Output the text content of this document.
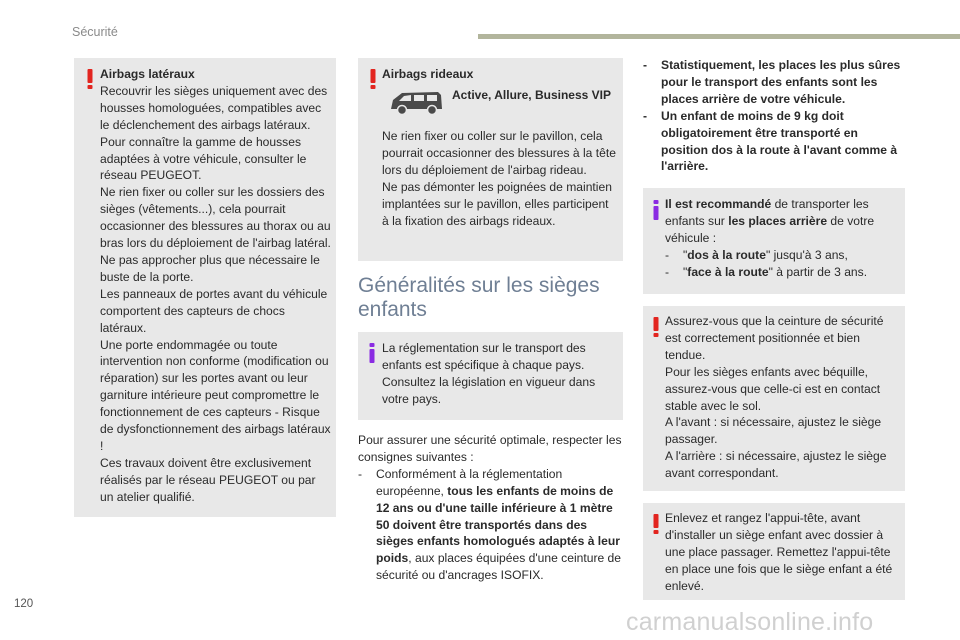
Sécurité

Airbags latéraux

Recouvrir les sièges uniquement avec des housses homologuées, compatibles avec le déclenchement des airbags latéraux.

Pour connaître la gamme de housses adaptées à votre véhicule, consulter le réseau PEUGEOT.

Ne rien fixer ou coller sur les dossiers des sièges (vêtements...), cela pourrait occasionner des blessures au thorax ou au bras lors du déploiement de l'airbag latéral.

Ne pas approcher plus que nécessaire le buste de la porte.

Les panneaux de portes avant du véhicule comportent des capteurs de chocs latéraux.

Une porte endommagée ou toute intervention non conforme (modification ou réparation) sur les portes avant ou leur garniture intérieure peut compromettre le fonctionnement de ces capteurs - Risque de dysfonctionnement des airbags latéraux !

Ces travaux doivent être exclusivement réalisés par le réseau PEUGEOT ou par un atelier qualifié.

Airbags rideaux
Active, Allure, Business VIP

Ne rien fixer ou coller sur le pavillon, cela pourrait occasionner des blessures à la tête lors du déploiement de l'airbag rideau.

Ne pas démonter les poignées de maintien implantées sur le pavillon, elles participent à la fixation des airbags rideaux.

Généralités sur les sièges enfants
La réglementation sur le transport des enfants est spécifique à chaque pays. Consultez la législation en vigueur dans votre pays.

Pour assurer une sécurité optimale, respecter les consignes suivantes :

-	Conformément à la réglementation européenne, tous les enfants de moins de 12 ans ou d'une taille inférieure à 1 mètre 50 doivent être transportés dans des sièges enfants homologués adaptés à leur poids, aux places équipées d'une ceinture de sécurité ou d'ancrages ISOFIX.
-	Statistiquement, les places les plus sûres pour le transport des enfants sont les places arrière de votre véhicule.
-	Un enfant de moins de 9 kg doit obligatoirement être transporté en position dos à la route à l'avant comme à l'arrière.

Il est recommandé de transporter les enfants sur les places arrière de votre véhicule :

-	"dos à la route" jusqu'à 3 ans,
-	"face à la route" à partir de 3 ans.

Assurez-vous que la ceinture de sécurité est correctement positionnée et bien tendue.

Pour les sièges enfants avec béquille, assurez-vous que celle-ci est en contact stable avec le sol.

A l'avant : si nécessaire, ajustez le siège passager.

A l'arrière : si nécessaire, ajustez le siège avant correspondant.

Enlevez et rangez l'appui-tête, avant d'installer un siège enfant avec dossier à une place passager. Remettez l'appui-tête en place une fois que le siège enfant a été enlevé.
120
carmanualsonline.info
